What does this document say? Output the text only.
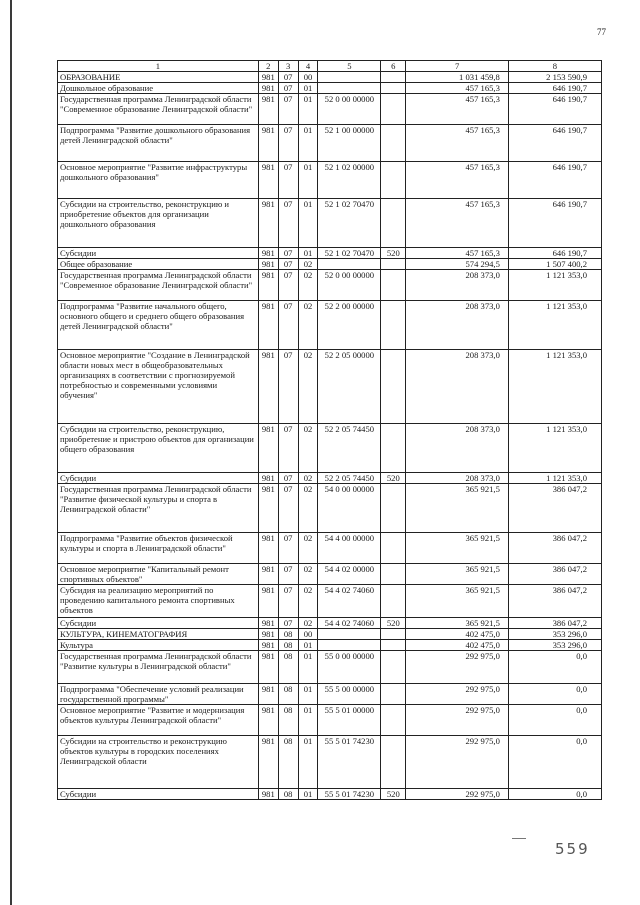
77
1	2	3	4	5	6	7	8
ОБРАЗОВАНИЕ	981	07	00			1 031 459,8	2 153 590,9
Дошкольное образование	981	07	01			457 165,3	646 190,7
Государственная программа Ленинградской области "Современное образование Ленинградской области"	981	07	01	52 0 00 00000		457 165,3	646 190,7
Подпрограмма "Развитие дошкольного образования детей Ленинградской области"	981	07	01	52 1 00 00000		457 165,3	646 190,7
Основное мероприятие "Развитие инфраструктуры дошкольного образования"	981	07	01	52 1 02 00000		457 165,3	646 190,7
Субсидии на строительство, реконструкцию и приобретение объектов для организации дошкольного образования	981	07	01	52 1 02 70470		457 165,3	646 190,7
Субсидии	981	07	01	52 1 02 70470	520	457 165,3	646 190,7
Общее образование	981	07	02			574 294,5	1 507 400,2
Государственная программа Ленинградской области "Современное образование Ленинградской области"	981	07	02	52 0 00 00000		208 373,0	1 121 353,0
Подпрограмма "Развитие начального общего, основного общего и среднего общего образования детей Ленинградской области"	981	07	02	52 2 00 00000		208 373,0	1 121 353,0
Основное мероприятие "Создание в Ленинградской области новых мест в общеобразовательных организациях в соответствии с прогнозируемой потребностью и современными условиями обучения"	981	07	02	52 2 05 00000		208 373,0	1 121 353,0
Субсидии на строительство, реконструкцию, приобретение и пристрою объектов для организации общего образования	981	07	02	52 2 05 74450		208 373,0	1 121 353,0
Субсидии	981	07	02	52 2 05 74450	520	208 373,0	1 121 353,0
Государственная программа Ленинградской области "Развитие физической культуры и спорта в Ленинградской области"	981	07	02	54 0 00 00000		365 921,5	386 047,2
Подпрограмма "Развитие объектов физической культуры и спорта в Ленинградской области"	981	07	02	54 4 00 00000		365 921,5	386 047,2
Основное мероприятие "Капитальный ремонт спортивных объектов"	981	07	02	54 4 02 00000		365 921,5	386 047,2
Субсидия на реализацию мероприятий по проведению капитального ремонта спортивных объектов	981	07	02	54 4 02 74060		365 921,5	386 047,2
Субсидии	981	07	02	54 4 02 74060	520	365 921,5	386 047,2
КУЛЬТУРА, КИНЕМАТОГРАФИЯ	981	08	00			402 475,0	353 296,0
Культура	981	08	01			402 475,0	353 296,0
Государственная программа Ленинградской области "Развитие культуры в Ленинградской области"	981	08	01	55 0 00 00000		292 975,0	0,0
Подпрограмма "Обеспечение условий реализации государственной программы"	981	08	01	55 5 00 00000		292 975,0	0,0
Основное мероприятие "Развитие и модернизация объектов культуры Ленинградской области"	981	08	01	55 5 01 00000		292 975,0	0,0
Субсидии на строительство и реконструкцию объектов культуры в городских поселениях Ленинградской области	981	08	01	55 5 01 74230		292 975,0	0,0
Субсидии	981	08	01	55 5 01 74230	520	292 975,0	0,0
559
